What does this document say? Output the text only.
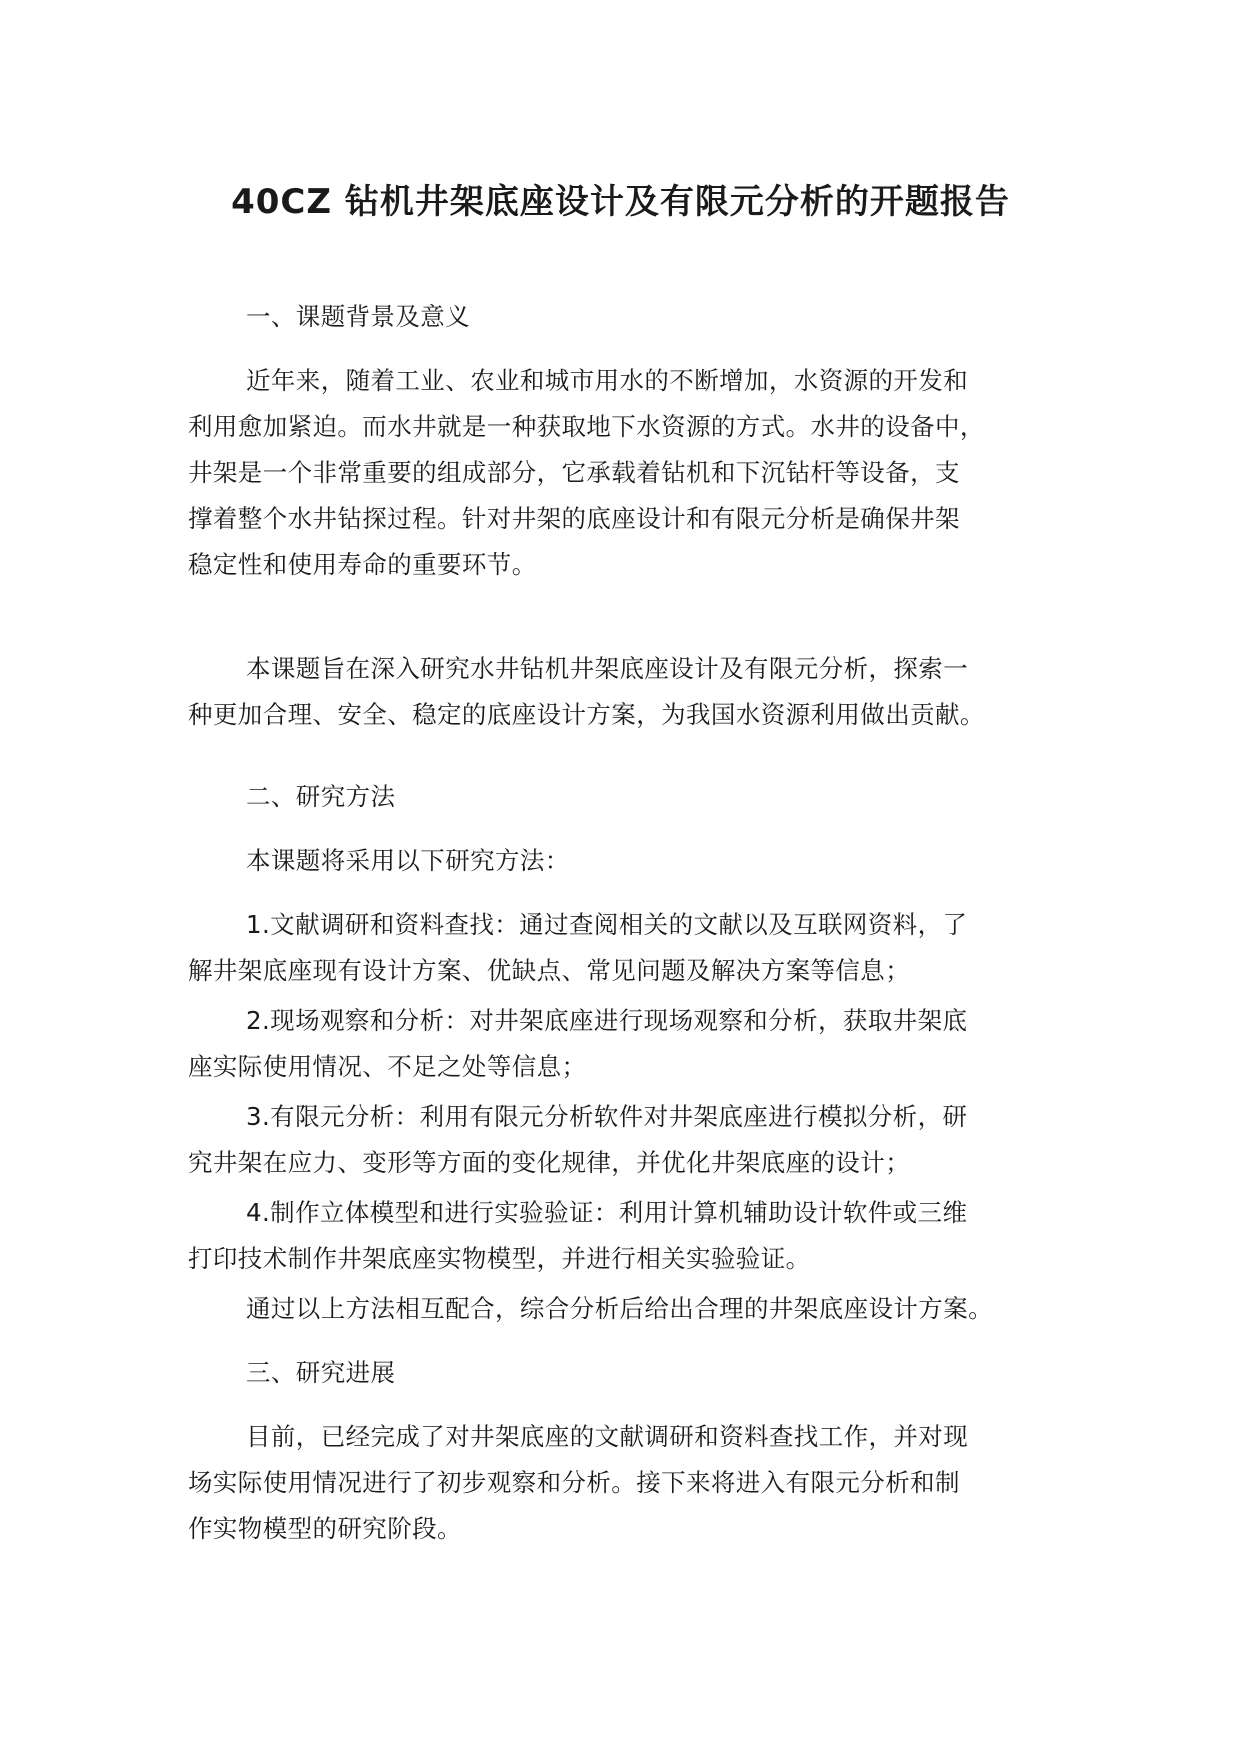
40CZ 钻机井架底座设计及有限元分析的开题报告
一、课题背景及意义
近年来，随着工业、农业和城市用水的不断增加，水资源的开发和
利用愈加紧迫。而水井就是一种获取地下水资源的方式。水井的设备中，
井架是一个非常重要的组成部分，它承载着钻机和下沉钻杆等设备，支
撑着整个水井钻探过程。针对井架的底座设计和有限元分析是确保井架
稳定性和使用寿命的重要环节。
本课题旨在深入研究水井钻机井架底座设计及有限元分析，探索一
种更加合理、安全、稳定的底座设计方案，为我国水资源利用做出贡献。
二、研究方法
本课题将采用以下研究方法：
1.文献调研和资料查找：通过查阅相关的文献以及互联网资料，了
解井架底座现有设计方案、优缺点、常见问题及解决方案等信息；
2.现场观察和分析：对井架底座进行现场观察和分析，获取井架底
座实际使用情况、不足之处等信息；
3.有限元分析：利用有限元分析软件对井架底座进行模拟分析，研
究井架在应力、变形等方面的变化规律，并优化井架底座的设计；
4.制作立体模型和进行实验验证：利用计算机辅助设计软件或三维
打印技术制作井架底座实物模型，并进行相关实验验证。
通过以上方法相互配合，综合分析后给出合理的井架底座设计方案。
三、研究进展
目前，已经完成了对井架底座的文献调研和资料查找工作，并对现
场实际使用情况进行了初步观察和分析。接下来将进入有限元分析和制
作实物模型的研究阶段。
